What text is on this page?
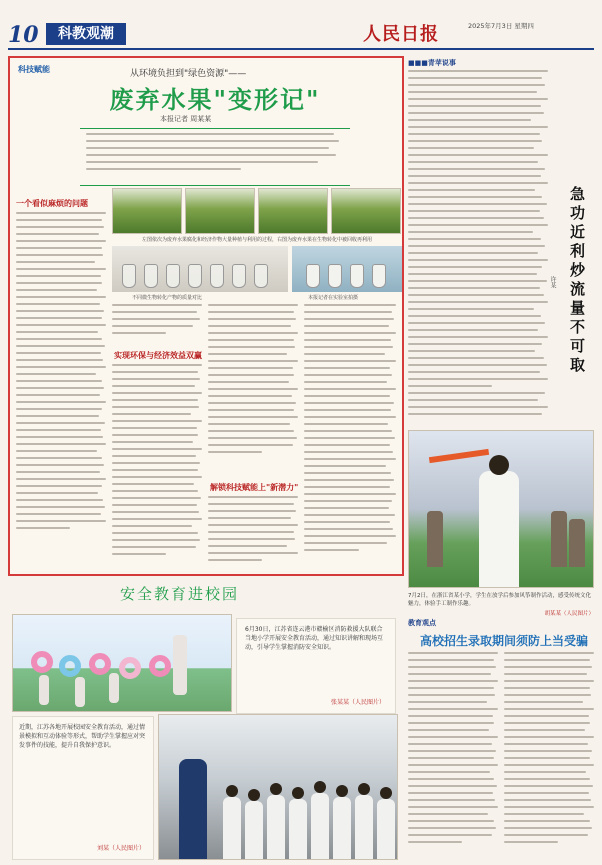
10	科教观潮	人民日报	2025年7月3日 星期四
科技赋能	从环境负担到"绿色资源"——
废弃水果"变形记"
本报记者 周某某
一个看似麻烦的问题
左图依次为废弃水果腐化和经济作物大量种植与利用的过程，右图为废弃水果在生物转化中被回收再利用
不同微生物转化产物的质量对比	本报记者在实验室拍摄
实现环保与经济效益双赢
解锁科技赋能上"新潜力"
安全教育进校园
6月30日，江苏省连云港市赣榆区消防救援大队联合当地小学开展安全教育活动，通过知识讲解和现场互动，引导学生掌握消防安全知识。
张某某（人民图片）
近期，江苏各地开展校园安全教育活动，通过情景模拟和互动体验等形式，帮助学生掌握应对突发事件的技能，提升自我保护意识。
刘某（人民图片）
■■■青苹说事
急功近利炒流量不可取
许某
7月2日，在浙江省某小学，学生在放学后参加风筝制作活动，感受传统文化魅力，体验手工制作乐趣。
胡某某（人民图片）
教育观点
高校招生录取期间须防上当受骗
